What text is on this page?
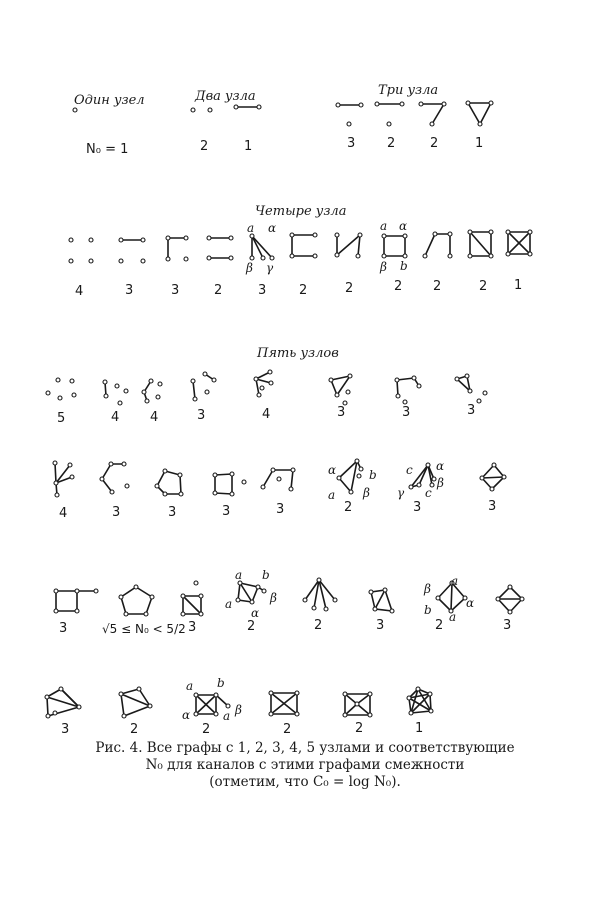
Один узел	Два узла	Три узла
Четыре узла
Пять узлов
N₀ = 1	2	1	3 2	2	1
4	3	3	2	3	2	2	2 2	2 1
5	4 4	3	4	3	3	3
4	3	3	3	3	2	3	3
3	√5 ≤ N₀ < 5/2 3	2	2	3	2	3
3	2	2	2	2	1
a α
β γ
a α
β b
α	b
a β
c α
β
γ c
a b
a	β
α
β
a
b	α
a
a b
α	a β
Рис. 4. Все графы с 1, 2, 3, 4, 5 узлами и соответствующие
N₀ для каналов с этими графами смежности
(отметим, что C₀ = log N₀).
